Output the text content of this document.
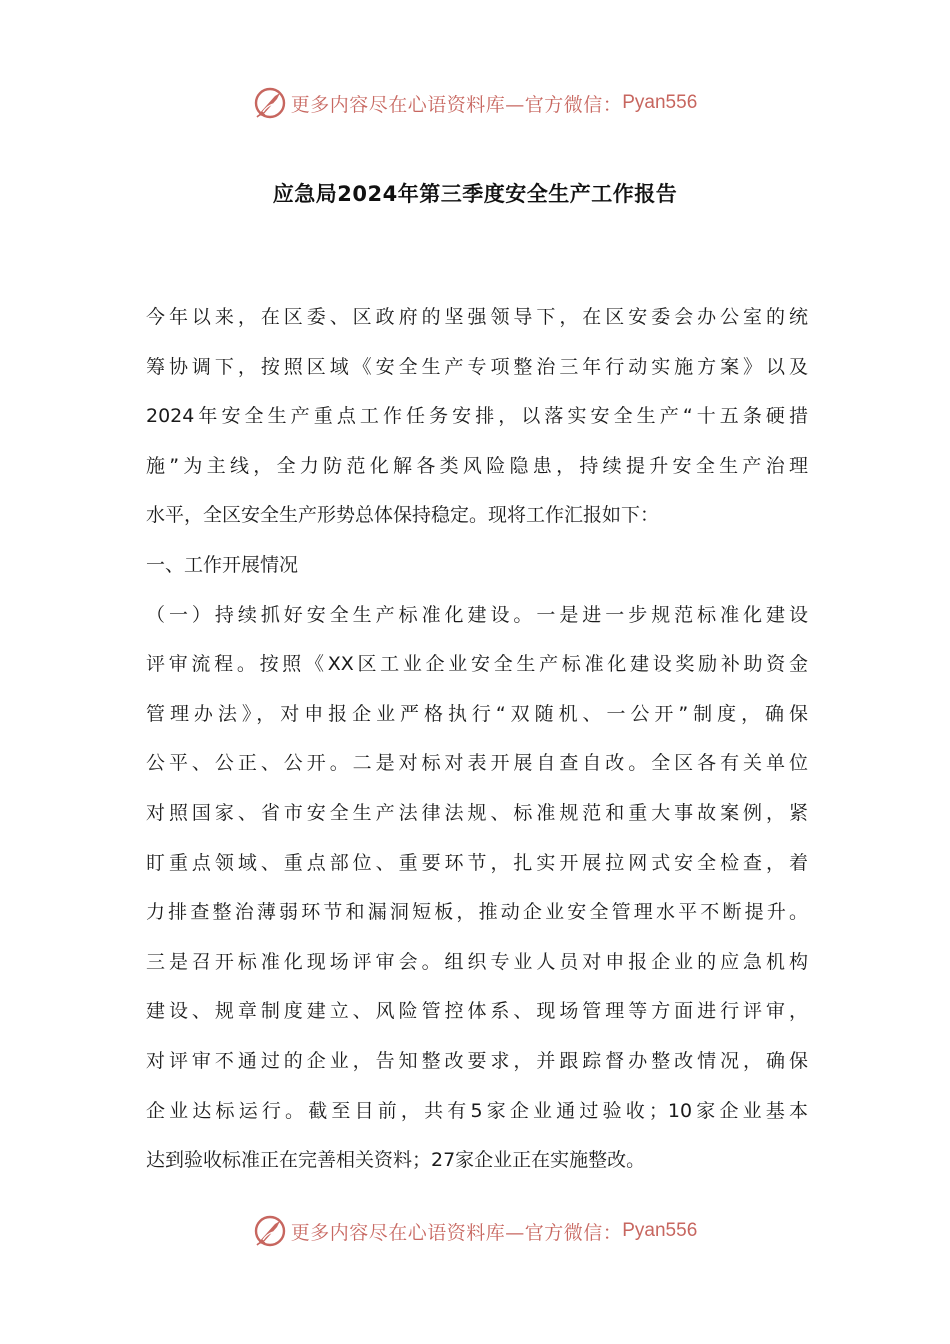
更多内容尽在心语资料库—官方微信： Pyan556
应急局2024年第三季度安全生产工作报告
今年以来，在区委、区政府的坚强领导下，在区安委会办公室的统
筹协调下，按照区域《安全生产专项整治三年行动实施方案》以及
2024年安全生产重点工作任务安排，以落实安全生产“十五条硬措
施”为主线，全力防范化解各类风险隐患，持续提升安全生产治理
水平，全区安全生产形势总体保持稳定。现将工作汇报如下：
一、工作开展情况
（一）持续抓好安全生产标准化建设。一是进一步规范标准化建设
评审流程。按照《XX区工业企业安全生产标准化建设奖励补助资金
管理办法》，对申报企业严格执行“双随机、一公开”制度，确保
公平、公正、公开。二是对标对表开展自查自改。全区各有关单位
对照国家、省市安全生产法律法规、标准规范和重大事故案例，紧
盯重点领域、重点部位、重要环节，扎实开展拉网式安全检查，着
力排查整治薄弱环节和漏洞短板，推动企业安全管理水平不断提升。
三是召开标准化现场评审会。组织专业人员对申报企业的应急机构
建设、规章制度建立、风险管控体系、现场管理等方面进行评审，
对评审不通过的企业，告知整改要求，并跟踪督办整改情况，确保
企业达标运行。截至目前，共有5家企业通过验收；10家企业基本
达到验收标准正在完善相关资料；27家企业正在实施整改。
更多内容尽在心语资料库—官方微信： Pyan556
